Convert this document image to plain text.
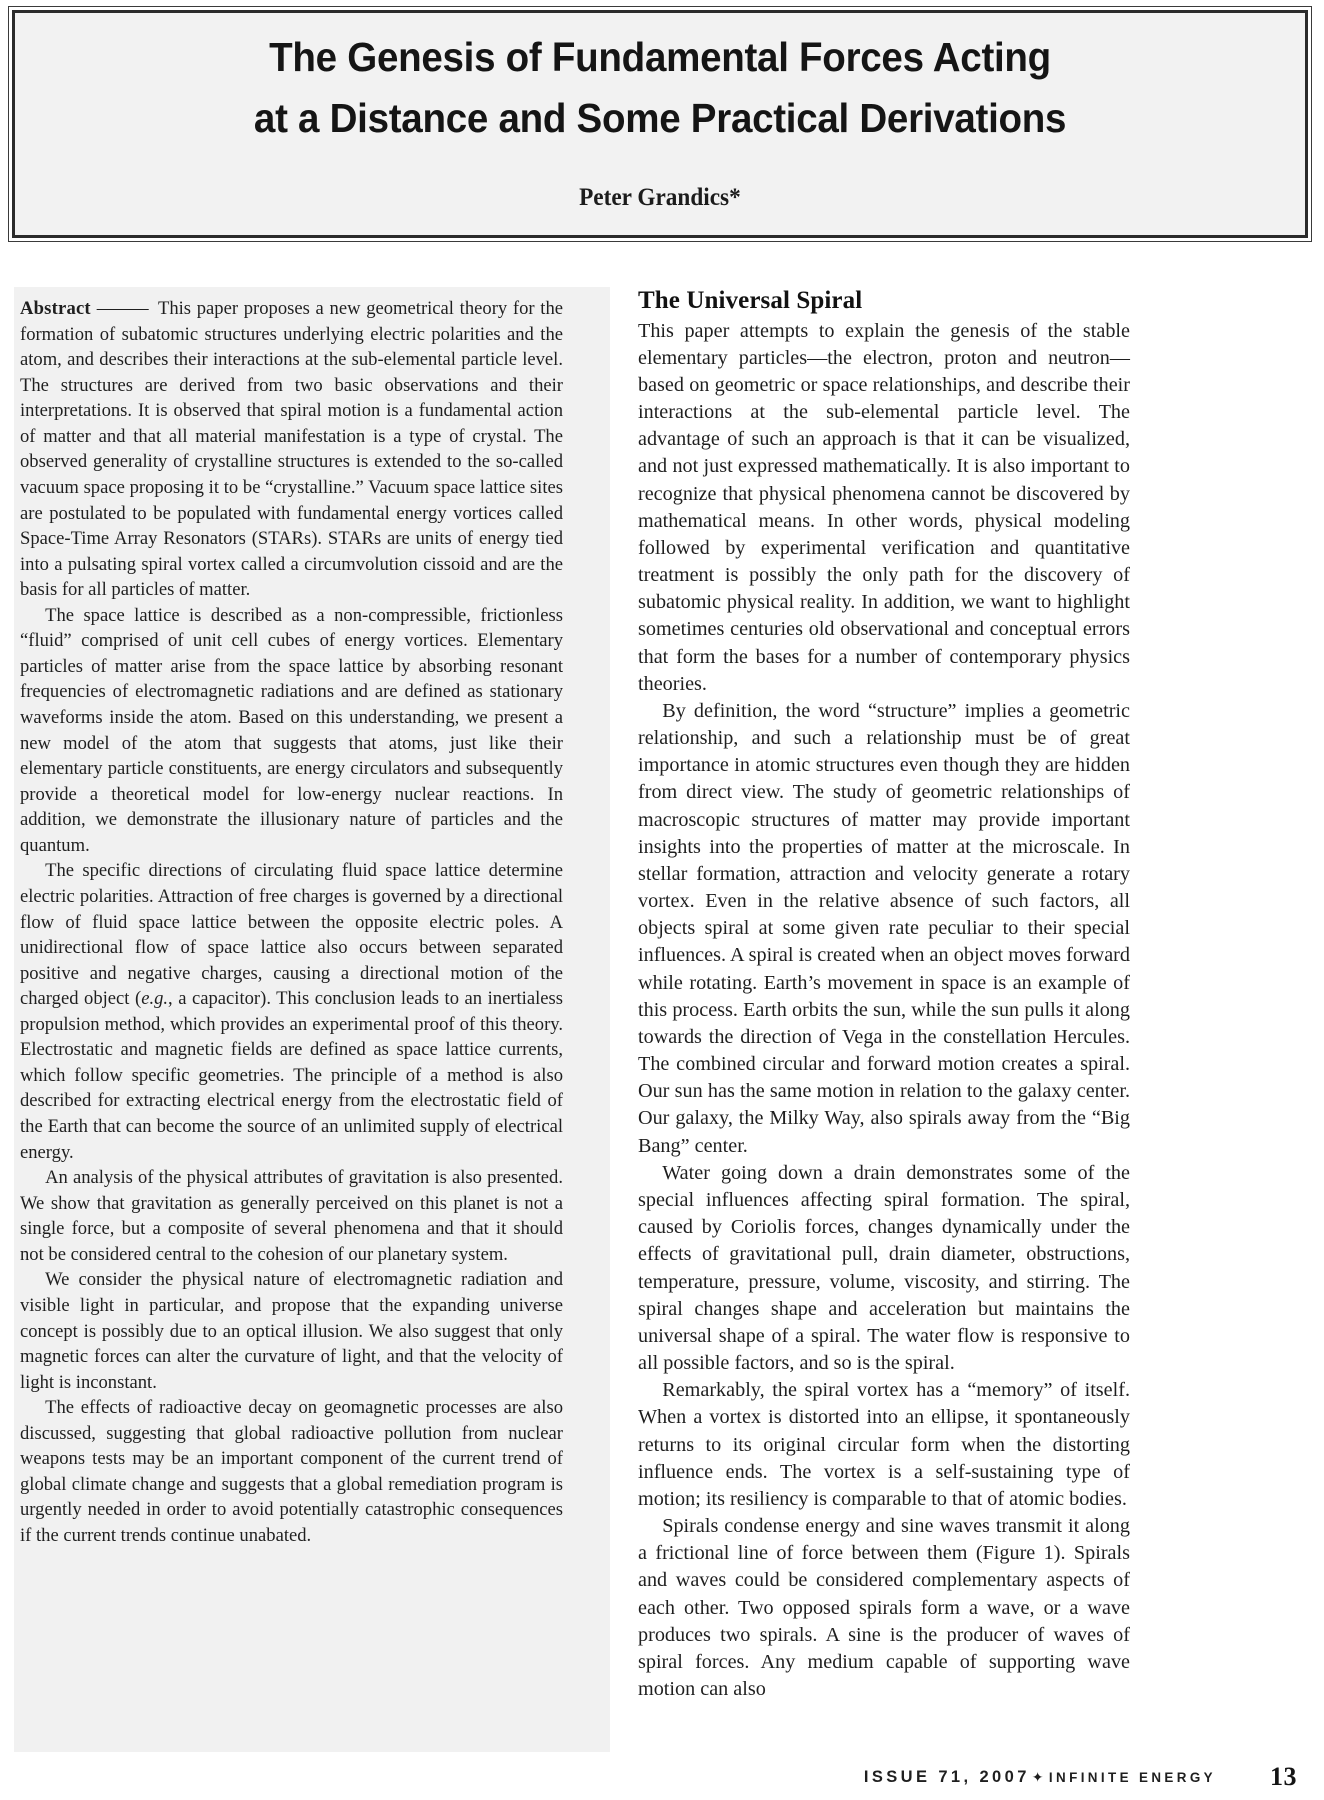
The Genesis of Fundamental Forces Acting
at a Distance and Some Practical Derivations
Peter Grandics*

Abstract ——— This paper proposes a new geometrical theory for the formation of subatomic structures underlying electric polarities and the atom, and describes their interactions at the sub-elemental particle level. The structures are derived from two basic observations and their interpretations. It is observed that spiral motion is a fundamental action of matter and that all material manifestation is a type of crystal. The observed generality of crystalline structures is extended to the so-called vacuum space proposing it to be “crystalline.” Vacuum space lattice sites are postulated to be populated with fundamental energy vortices called Space-Time Array Resonators (STARs). STARs are units of energy tied into a pulsating spiral vortex called a circumvolution cissoid and are the basis for all particles of matter.

The space lattice is described as a non-compressible, frictionless “fluid” comprised of unit cell cubes of energy vortices. Elementary particles of matter arise from the space lattice by absorbing resonant frequencies of electromagnetic radiations and are defined as stationary waveforms inside the atom. Based on this understanding, we present a new model of the atom that suggests that atoms, just like their elementary particle constituents, are energy circulators and subsequently provide a theoretical model for low-energy nuclear reactions. In addition, we demonstrate the illusionary nature of particles and the quantum.

The specific directions of circulating fluid space lattice determine electric polarities. Attraction of free charges is governed by a directional flow of fluid space lattice between the opposite electric poles. A unidirectional flow of space lattice also occurs between separated positive and negative charges, causing a directional motion of the charged object (e.g., a capacitor). This conclusion leads to an inertialess propulsion method, which provides an experimental proof of this theory. Electrostatic and magnetic fields are defined as space lattice currents, which follow specific geometries. The principle of a method is also described for extracting electrical energy from the electrostatic field of the Earth that can become the source of an unlimited supply of electrical energy.

An analysis of the physical attributes of gravitation is also presented. We show that gravitation as generally perceived on this planet is not a single force, but a composite of several phenomena and that it should not be considered central to the cohesion of our planetary system.

We consider the physical nature of electromagnetic radiation and visible light in particular, and propose that the expanding universe concept is possibly due to an optical illusion. We also suggest that only magnetic forces can alter the curvature of light, and that the velocity of light is inconstant.

The effects of radioactive decay on geomagnetic processes are also discussed, suggesting that global radioactive pollution from nuclear weapons tests may be an important component of the current trend of global climate change and suggests that a global remediation program is urgently needed in order to avoid potentially catastrophic consequences if the current trends continue unabated.

The Universal Spiral

This paper attempts to explain the genesis of the stable elementary particles—the electron, proton and neutron—based on geometric or space relationships, and describe their interactions at the sub-elemental particle level. The advantage of such an approach is that it can be visualized, and not just expressed mathematically. It is also important to recognize that physical phenomena cannot be discovered by mathematical means. In other words, physical modeling followed by experimental verification and quantitative treatment is possibly the only path for the discovery of subatomic physical reality. In addition, we want to highlight sometimes centuries old observational and conceptual errors that form the bases for a number of contemporary physics theories.

By definition, the word “structure” implies a geometric relationship, and such a relationship must be of great importance in atomic structures even though they are hidden from direct view. The study of geometric relationships of macroscopic structures of matter may provide important insights into the properties of matter at the microscale. In stellar formation, attraction and velocity generate a rotary vortex. Even in the relative absence of such factors, all objects spiral at some given rate peculiar to their special influences. A spiral is created when an object moves forward while rotating. Earth’s movement in space is an example of this process. Earth orbits the sun, while the sun pulls it along towards the direction of Vega in the constellation Hercules. The combined circular and forward motion creates a spiral. Our sun has the same motion in relation to the galaxy center. Our galaxy, the Milky Way, also spirals away from the “Big Bang” center.

Water going down a drain demonstrates some of the special influences affecting spiral formation. The spiral, caused by Coriolis forces, changes dynamically under the effects of gravitational pull, drain diameter, obstructions, temperature, pressure, volume, viscosity, and stirring. The spiral changes shape and acceleration but maintains the universal shape of a spiral. The water flow is responsive to all possible factors, and so is the spiral.

Remarkably, the spiral vortex has a “memory” of itself. When a vortex is distorted into an ellipse, it spontaneously returns to its original circular form when the distorting influence ends. The vortex is a self-sustaining type of motion; its resiliency is comparable to that of atomic bodies.

Spirals condense energy and sine waves transmit it along a frictional line of force between them (Figure 1). Spirals and waves could be considered complementary aspects of each other. Two opposed spirals form a wave, or a wave produces two spirals. A sine is the producer of waves of spiral forces. Any medium capable of supporting wave motion can also

ISSUE 71, 2007 ✦ INFINITE ENERGY 13
